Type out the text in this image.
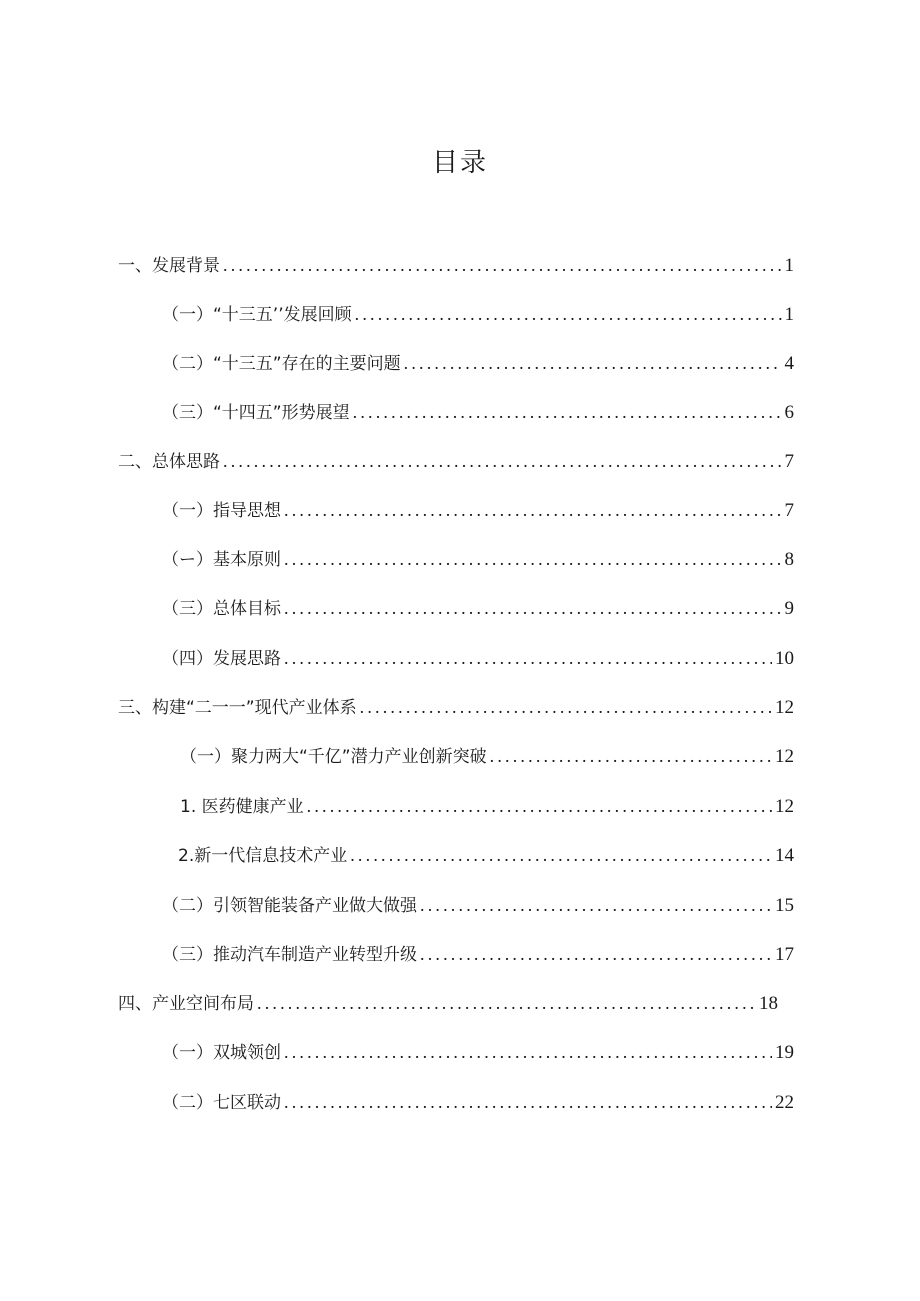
目录
一、发展背景 .....	1
（一）“十三五’’发展回顾 .....	1
（二）“十三五”存在的主要问题 .....	4
（三）“十四五”形势展望 .....	6
二、总体思路 .....	7
（一）指导思想 .....	7
（ー）基本原则 .....	8
（三）总体目标 .....	9
（四）发展思路 .....	10
三、构建“二一一”现代产业体系 .....	12
（一）聚力两大“千亿”潜力产业创新突破 .....	12
1. 医药健康产业 .....	12
2.新一代信息技术产业 .....	14
（二）引领智能装备产业做大做强 .....	15
（三）推动汽车制造产业转型升级 .....	17
四、产业空间布局 .....	18
（一）双城领创 .....	19
（二）七区联动 .....	22
